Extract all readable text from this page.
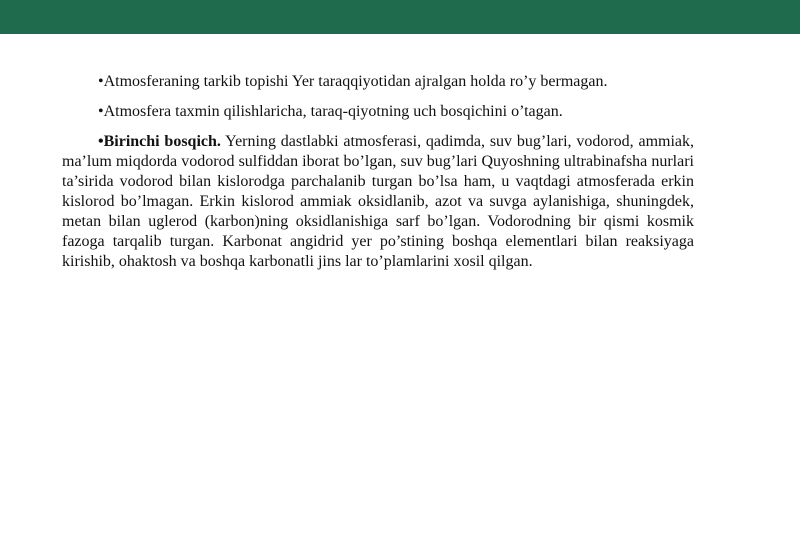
•Atmosferaning tarkib topishi Yer taraqqiyotidan ajralgan holda ro’y bermagan.

•Atmosfera taxmin qilishlaricha, taraq-qiyotning uch bosqichini o’tagan.

•Birinchi bosqich. Yerning dastlabki atmosferasi, qadimda, suv bug’lari, vodorod, ammiak, ma’lum miqdorda vodorod sulfiddan iborat bo’lgan, suv bug’lari Quyoshning ultrabinafsha nurlari ta’sirida vodorod bilan kislorodga parchalanib turgan bo’lsa ham, u vaqtdagi atmosferada erkin kislorod bo’lmagan. Erkin kislorod ammiak oksidlanib, azot va suvga aylanishiga, shuningdek, metan bilan uglerod (karbon)ning oksidlanishiga sarf bo’lgan. Vodorodning bir qismi kosmik fazoga tarqalib turgan. Karbonat angidrid yer po’stining boshqa elementlari bilan reaksiyaga kirishib, ohaktosh va boshqa karbonatli jins lar to’plamlarini xosil qilgan.
